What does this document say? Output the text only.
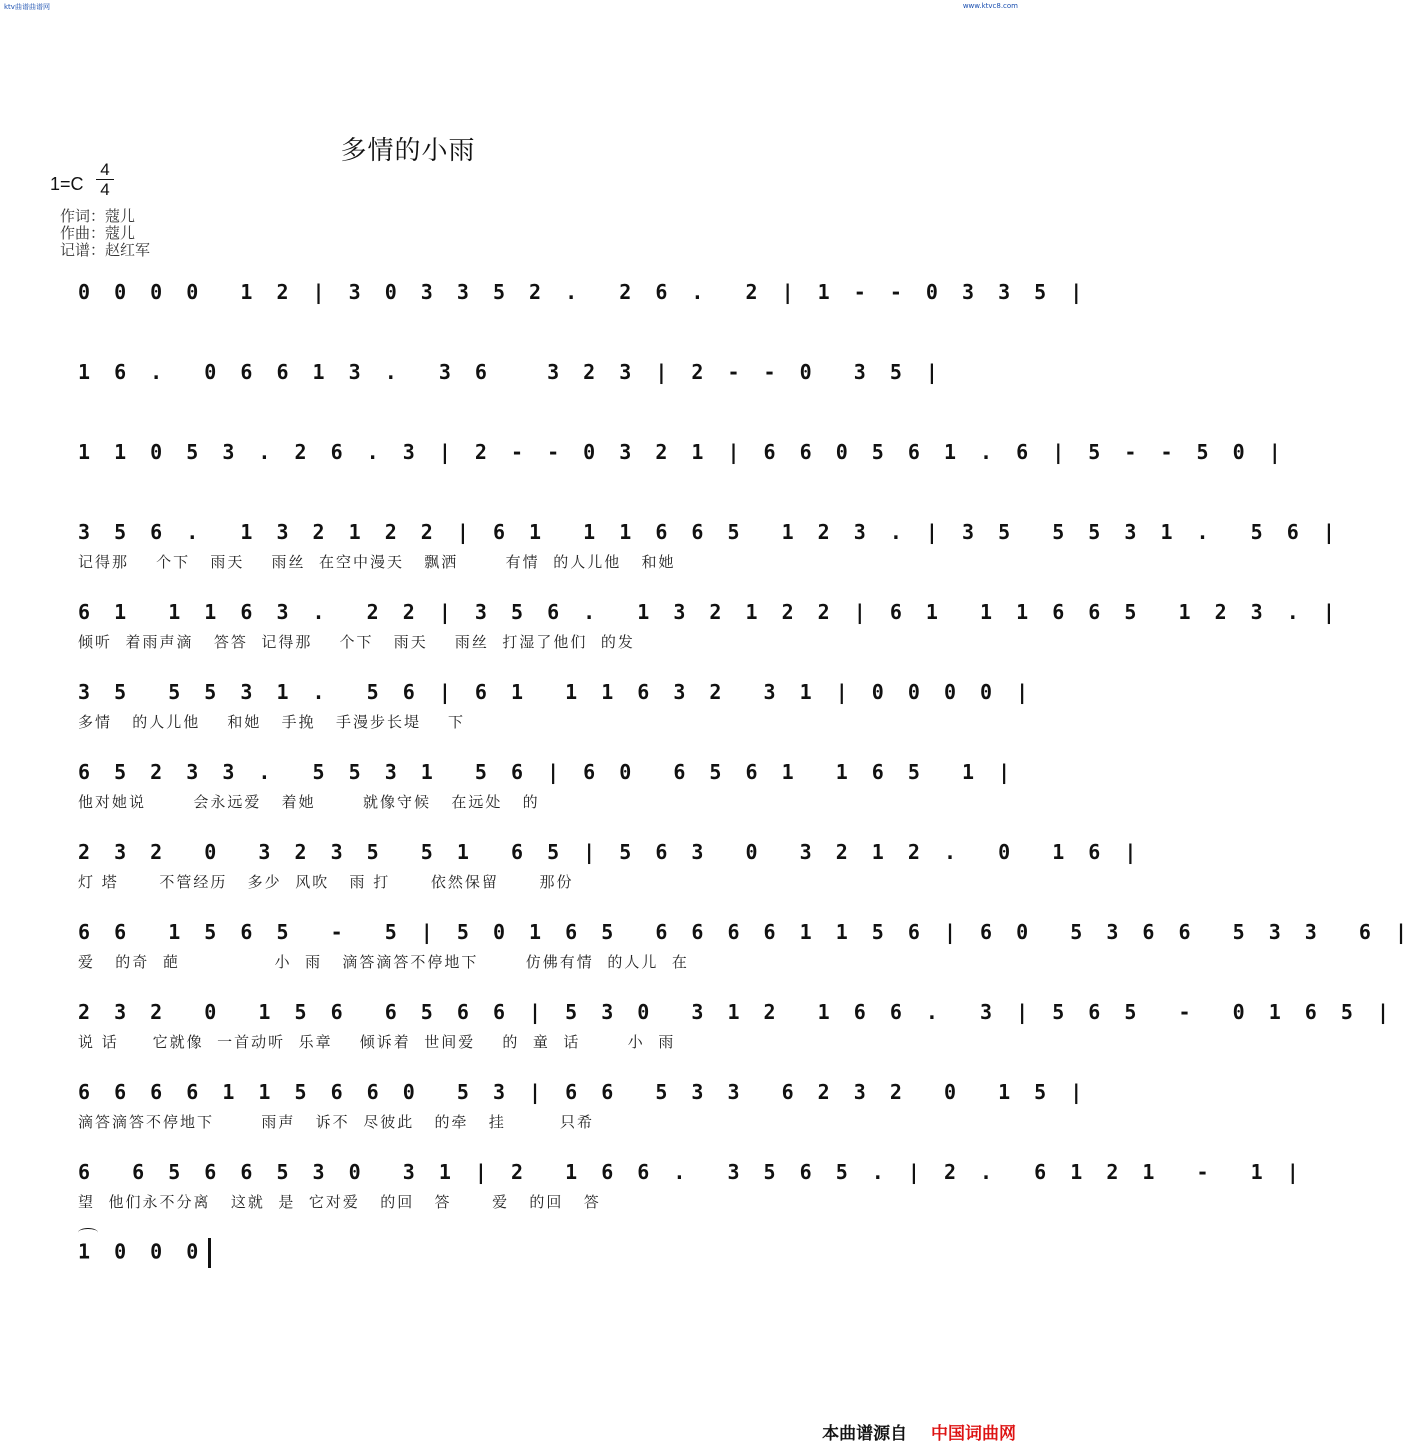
ktv曲谱曲谱网	www.ktvc8.com
多情的小雨
1=C
4
4
作词：蔻儿
作曲：蔻儿
记谱：赵红军
0 0 0 0  1 2 | 3 0 3 3 5 2 .  2 6 .  2 | 1 - - 0 3 3 5 |
1 6 .  0 6 6 1 3 .  3 6   3 2 3 | 2 - - 0  3 5 |
1 1 0 5 3 . 2 6 . 3 | 2 - - 0 3 2 1 | 6 6 0 5 6 1 . 6 | 5 - - 5 0 |
3 5 6 .  1 3 2 1 2 2 | 6 1  1 1 6 6 5  1 2 3 . | 3 5  5 5 3 1 .  5 6 |
记得那    个下   雨天    雨丝  在空中漫天   飘洒       有情  的人儿他   和她
6 1  1 1 6 3 .  2 2 | 3 5 6 .  1 3 2 1 2 2 | 6 1  1 1 6 6 5  1 2 3 . |
倾听  着雨声滴   答答  记得那    个下   雨天    雨丝  打湿了他们  的发
3 5  5 5 3 1 .  5 6 | 6 1  1 1 6 3 2  3 1 | 0 0 0 0 |
多情   的人儿他    和她   手挽   手漫步长堤    下
6 5 2 3 3 .  5 5 3 1  5 6 | 6 0  6 5 6 1  1 6 5  1 |
他对她说       会永远爱   着她       就像守候   在远处   的
2 3 2  0  3 2 3 5  5 1  6 5 | 5 6 3  0  3 2 1 2 .  0  1 6 |
灯 塔      不管经历   多少  风吹   雨 打      依然保留      那份
6 6  1 5 6 5  -  5 | 5 0 1 6 5  6 6 6 6 1 1 5 6 | 6 0  5 3 6 6  5 3 3  6 |
爱   的奇  葩              小  雨   滴答滴答不停地下       仿佛有情  的人儿  在
2 3 2  0  1 5 6  6 5 6 6 | 5 3 0  3 1 2  1 6 6 .  3 | 5 6 5  -  0 1 6 5 |
说 话     它就像  一首动听  乐章    倾诉着  世间爱    的  童  话       小  雨
6 6 6 6 1 1 5 6 6 0  5 3 | 6 6  5 3 3  6 2 3 2  0  1 5 |
滴答滴答不停地下       雨声   诉不  尽彼此   的牵   挂        只希
6  6 5 6 6 5 3 0  3 1 | 2  1 6 6 .  3 5 6 5 . | 2 .  6 1 2 1  -  1 |
望  他们永不分离   这就  是  它对爱   的回   答      爱   的回   答
1 0 0 0
本曲谱源自 中国词曲网
